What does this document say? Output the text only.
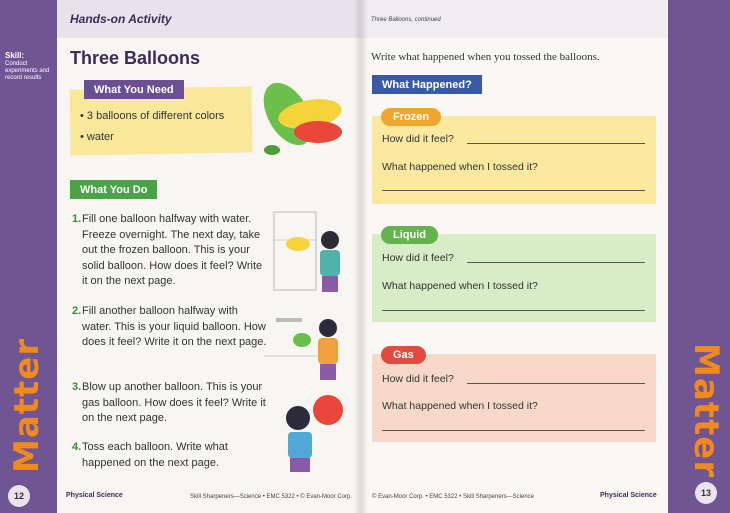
Skill:
Conduct experiments and record results
Matter	Matter
12	13
Hands-on Activity	Three Balloons, continued
Three Balloons
What You Need
• 3 balloons of different colors
• water
What You Do
1. Fill one balloon halfway with water. Freeze overnight. The next day, take out the frozen balloon. This is your solid balloon. How does it feel? Write it on the next page.
2. Fill another balloon halfway with water. This is your liquid balloon. How does it feel? Write it on the next page.
3. Blow up another balloon. This is your gas balloon. How does it feel? Write it on the next page.
4. Toss each balloon. Write what happened on the next page.
Physical Science	Skill Sharpeners—Science • EMC 5322 • © Evan-Moor Corp.
Write what happened when you tossed the balloons.
What Happened?
Frozen
How did it feel?
What happened when I tossed it?
Liquid
How did it feel?
What happened when I tossed it?
Gas
How did it feel?
What happened when I tossed it?
© Evan-Moor Corp. • EMC 5322 • Skill Sharpeners—Science	Physical Science
